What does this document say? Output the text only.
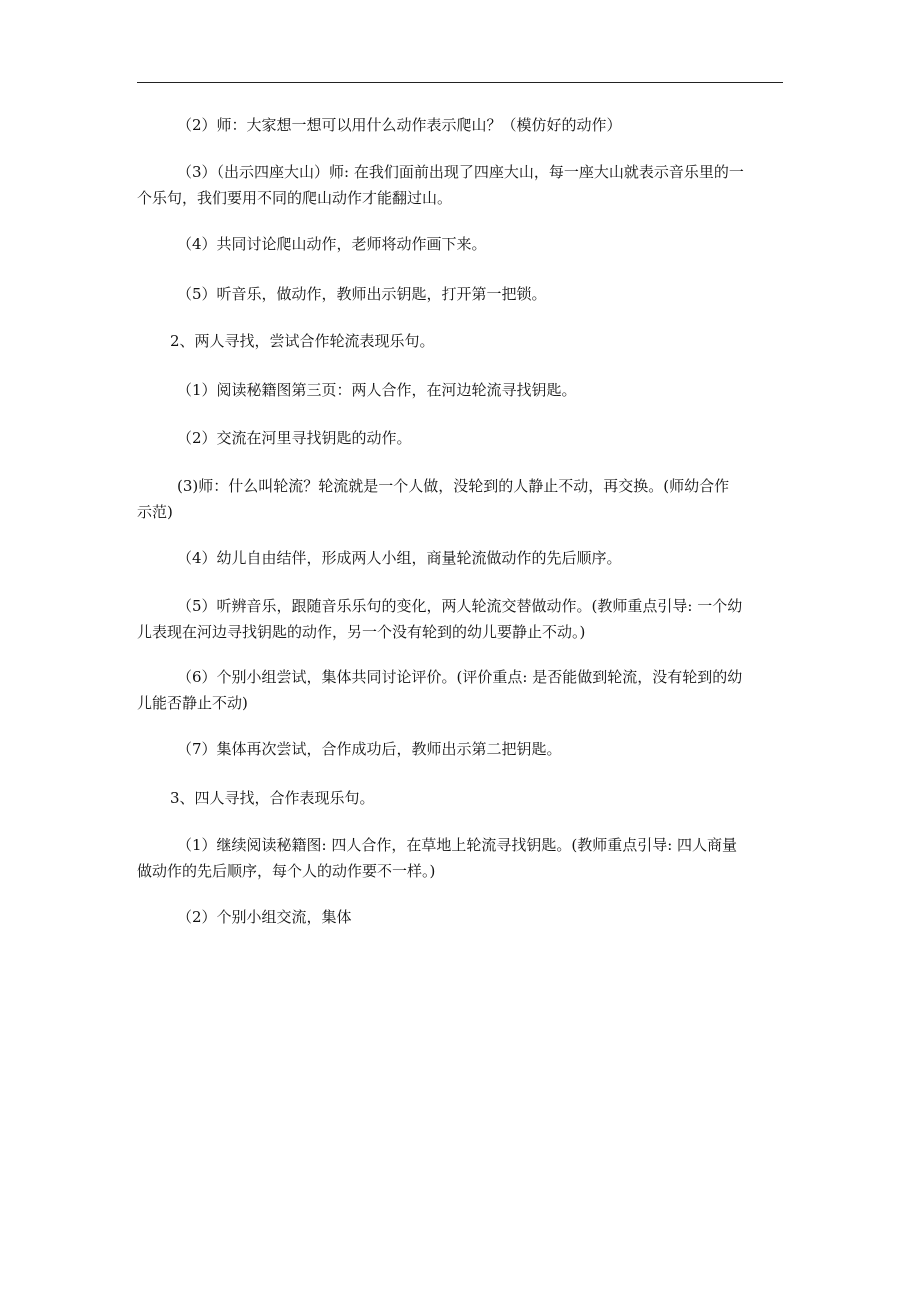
（2）师：大家想一想可以用什么动作表示爬山？（模仿好的动作）

（3）（出示四座大山）师: 在我们面前出现了四座大山，每一座大山就表示音乐里的一
个乐句，我们要用不同的爬山动作才能翻过山。

（4）共同讨论爬山动作，老师将动作画下来。

（5）听音乐，做动作，教师出示钥匙，打开第一把锁。

2、两人寻找，尝试合作轮流表现乐句。

（1）阅读秘籍图第三页：两人合作，在河边轮流寻找钥匙。

（2）交流在河里寻找钥匙的动作。

(3)师：什么叫轮流？轮流就是一个人做，没轮到的人静止不动，再交换。(师幼合作
示范)

（4）幼儿自由结伴，形成两人小组，商量轮流做动作的先后顺序。

（5）听辨音乐，跟随音乐乐句的变化，两人轮流交替做动作。(教师重点引导: 一个幼
儿表现在河边寻找钥匙的动作，另一个没有轮到的幼儿要静止不动。)

（6）个别小组尝试，集体共同讨论评价。(评价重点: 是否能做到轮流，没有轮到的幼
儿能否静止不动)

（7）集体再次尝试，合作成功后，教师出示第二把钥匙。

3、四人寻找，合作表现乐句。

（1）继续阅读秘籍图: 四人合作，在草地上轮流寻找钥匙。(教师重点引导: 四人商量
做动作的先后顺序，每个人的动作要不一样。)

（2）个别小组交流，集体
